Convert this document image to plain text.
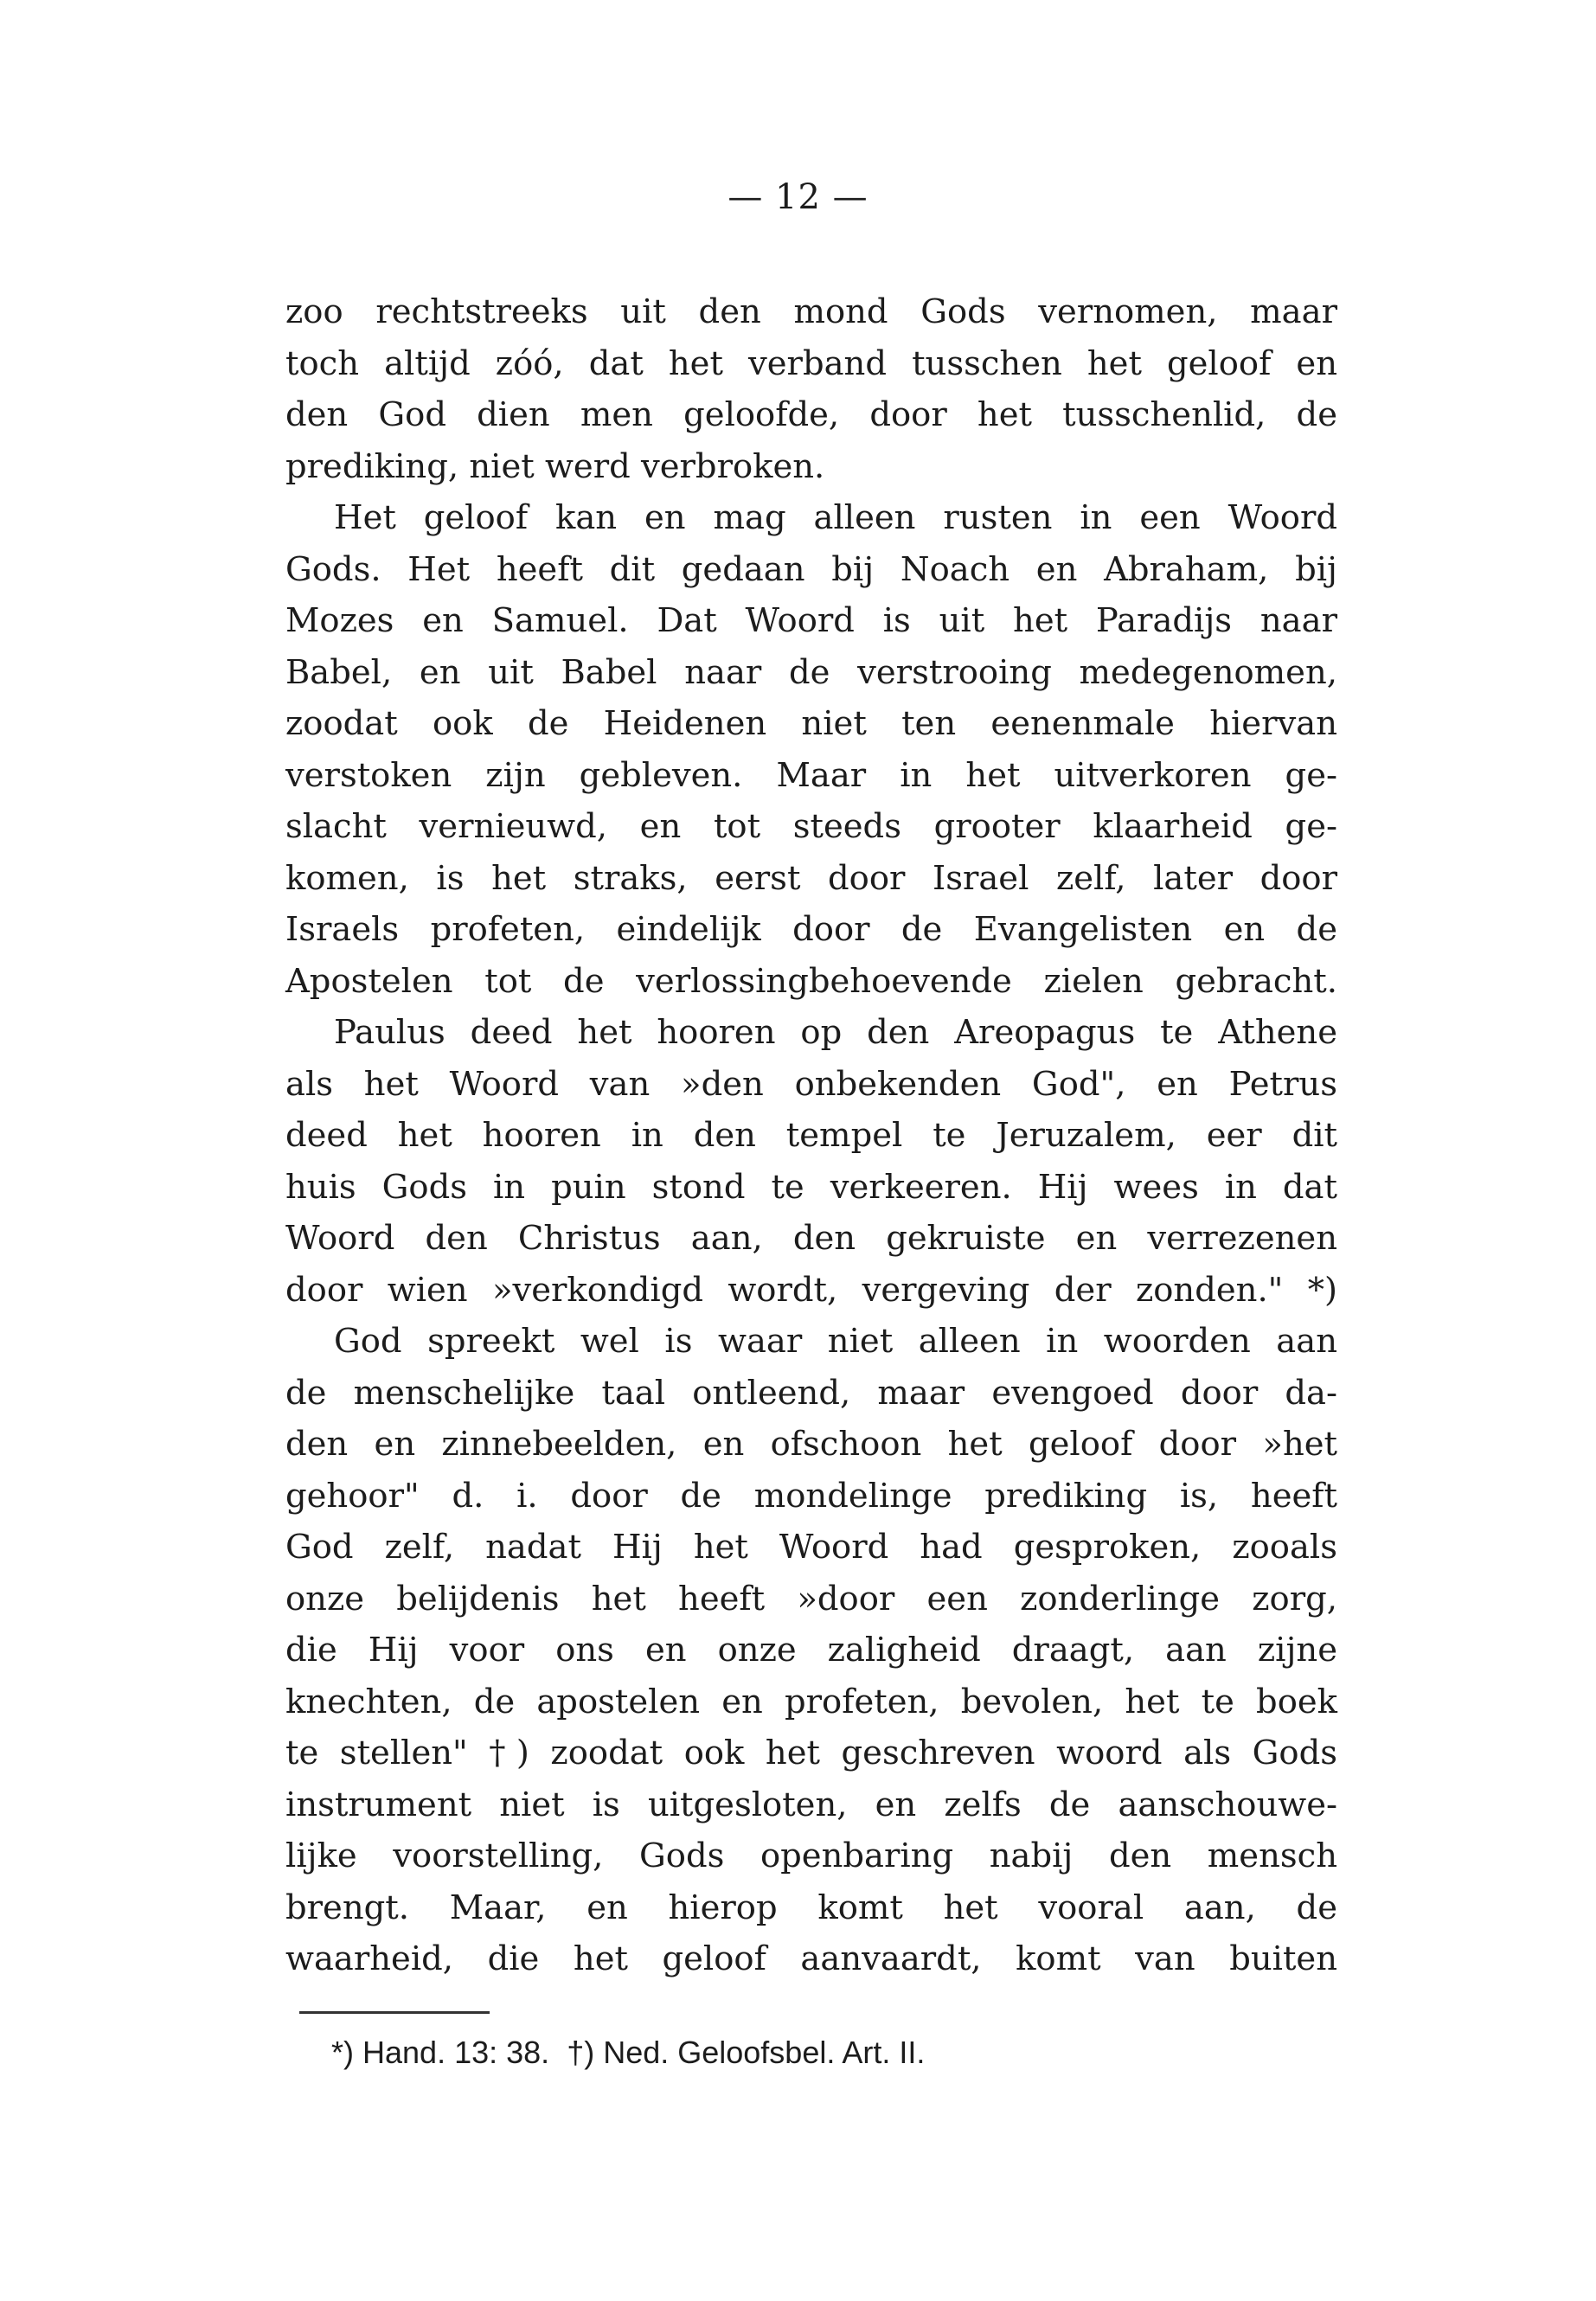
— 12 —
zoo rechtstreeks uit den mond Gods vernomen, maar
toch altijd zóó, dat het verband tusschen het geloof en
den God dien men geloofde, door het tusschenlid, de
prediking, niet werd verbroken.
Het geloof kan en mag alleen rusten in een Woord
Gods. Het heeft dit gedaan bij Noach en Abraham, bij
Mozes en Samuel. Dat Woord is uit het Paradijs naar
Babel, en uit Babel naar de verstrooing medegenomen,
zoodat ook de Heidenen niet ten eenenmale hiervan
verstoken zijn gebleven. Maar in het uitverkoren ge-
slacht vernieuwd, en tot steeds grooter klaarheid ge-
komen, is het straks, eerst door Israel zelf, later door
Israels profeten, eindelijk door de Evangelisten en de
Apostelen tot de verlossingbehoevende zielen gebracht.
Paulus deed het hooren op den Areopagus te Athene
als het Woord van »den onbekenden God", en Petrus
deed het hooren in den tempel te Jeruzalem, eer dit
huis Gods in puin stond te verkeeren. Hij wees in dat
Woord den Christus aan, den gekruiste en verrezenen
door wien »verkondigd wordt, vergeving der zonden." *)
God spreekt wel is waar niet alleen in woorden aan
de menschelijke taal ontleend, maar evengoed door da-
den en zinnebeelden, en ofschoon het geloof door »het
gehoor" d. i. door de mondelinge prediking is, heeft
God zelf, nadat Hij het Woord had gesproken, zooals
onze belijdenis het heeft »door een zonderlinge zorg,
die Hij voor ons en onze zaligheid draagt, aan zijne
knechten, de apostelen en profeten, bevolen, het te boek
te stellen" †) zoodat ook het geschreven woord als Gods
instrument niet is uitgesloten, en zelfs de aanschouwe-
lijke voorstelling, Gods openbaring nabij den mensch
brengt. Maar, en hierop komt het vooral aan, de
waarheid, die het geloof aanvaardt, komt van buiten
*) Hand. 13: 38. †) Ned. Geloofsbel. Art. II.
